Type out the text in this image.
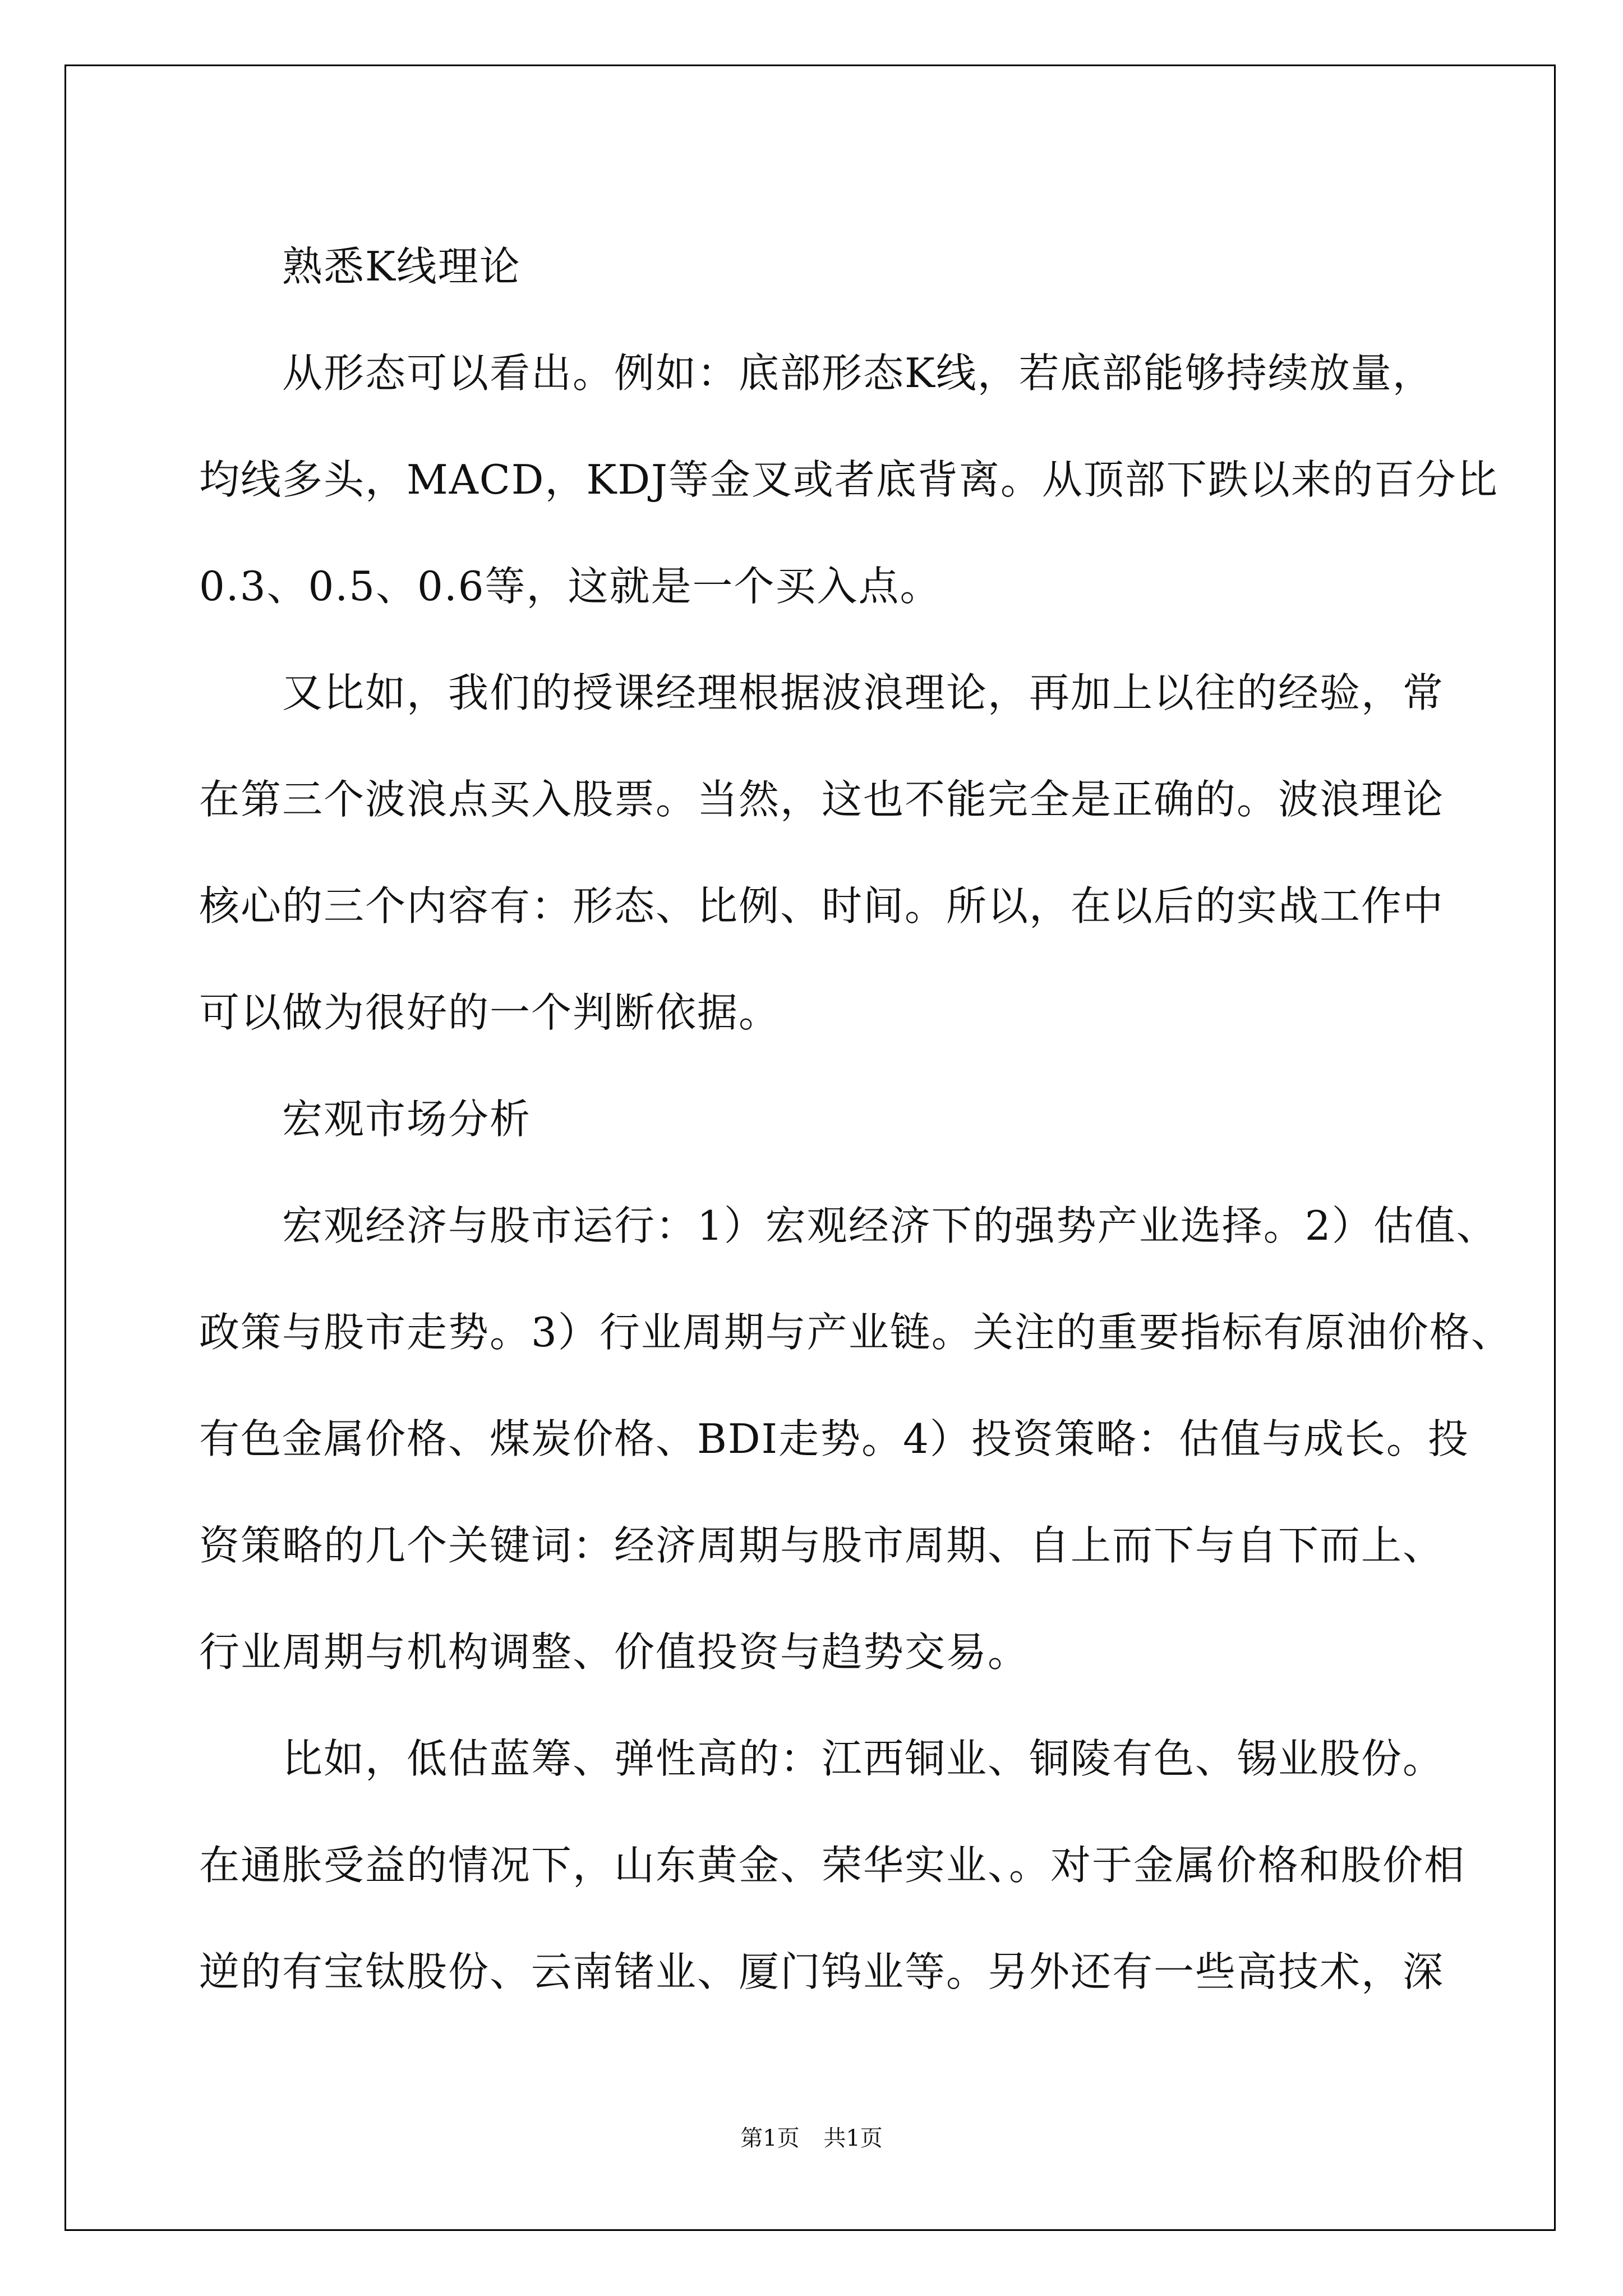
　　熟悉K线理论
　　从形态可以看出。例如：底部形态K线，若底部能够持续放量，
均线多头，MACD，KDJ等金叉或者底背离。从顶部下跌以来的百分比
0.3、0.5、0.6等，这就是一个买入点。
　　又比如，我们的授课经理根据波浪理论，再加上以往的经验，常
在第三个波浪点买入股票。当然，这也不能完全是正确的。波浪理论
核心的三个内容有：形态、比例、时间。所以，在以后的实战工作中
可以做为很好的一个判断依据。
　　宏观市场分析
　　宏观经济与股市运行：1）宏观经济下的强势产业选择。2）估值、
政策与股市走势。3）行业周期与产业链。关注的重要指标有原油价格、
有色金属价格、煤炭价格、BDI走势。4）投资策略：估值与成长。投
资策略的几个关键词：经济周期与股市周期、自上而下与自下而上、
行业周期与机构调整、价值投资与趋势交易。
　　比如，低估蓝筹、弹性高的：江西铜业、铜陵有色、锡业股份。
在通胀受益的情况下，山东黄金、荣华实业、。对于金属价格和股价相
逆的有宝钛股份、云南锗业、厦门钨业等。另外还有一些高技术，深
第1页 共1页
